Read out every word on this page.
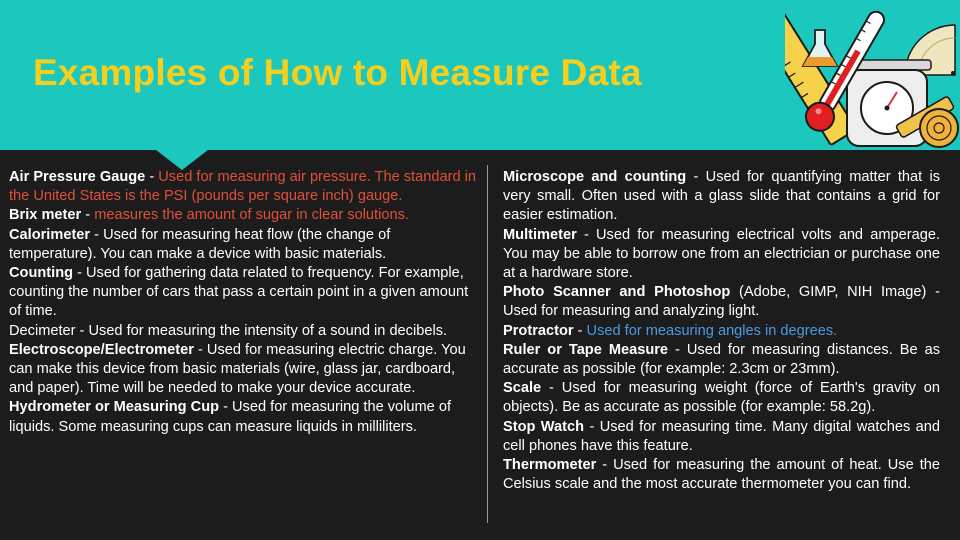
Examples of How to Measure Data

Air Pressure Gauge - Used for measuring air pressure. The standard in the United States is the PSI (pounds per square inch) gauge.

Brix meter - measures the amount of sugar in clear solutions.

Calorimeter - Used for measuring heat flow (the change of temperature). You can make a device with basic materials.

Counting - Used for gathering data related to frequency. For example, counting the number of cars that pass a certain point in a given amount of time.

Decimeter - Used for measuring the intensity of a sound in decibels.

Electroscope/Electrometer - Used for measuring electric charge. You can make this device from basic materials (wire, glass jar, cardboard, and paper). Time will be needed to make your device accurate.

Hydrometer or Measuring Cup - Used for measuring the volume of liquids. Some measuring cups can measure liquids in milliliters.

Microscope and counting - Used for quantifying matter that is very small. Often used with a glass slide that contains a grid for easier estimation.

Multimeter - Used for measuring electrical volts and amperage. You may be able to borrow one from an electrician or purchase one at a hardware store.

Photo Scanner and Photoshop (Adobe, GIMP, NIH Image) - Used for measuring and analyzing light.

Protractor - Used for measuring angles in degrees.

Ruler or Tape Measure - Used for measuring distances. Be as accurate as possible (for example: 2.3cm or 23mm).

Scale - Used for measuring weight (force of Earth's gravity on objects). Be as accurate as possible (for example: 58.2g).

Stop Watch - Used for measuring time. Many digital watches and cell phones have this feature.

Thermometer - Used for measuring the amount of heat. Use the Celsius scale and the most accurate thermometer you can find.
